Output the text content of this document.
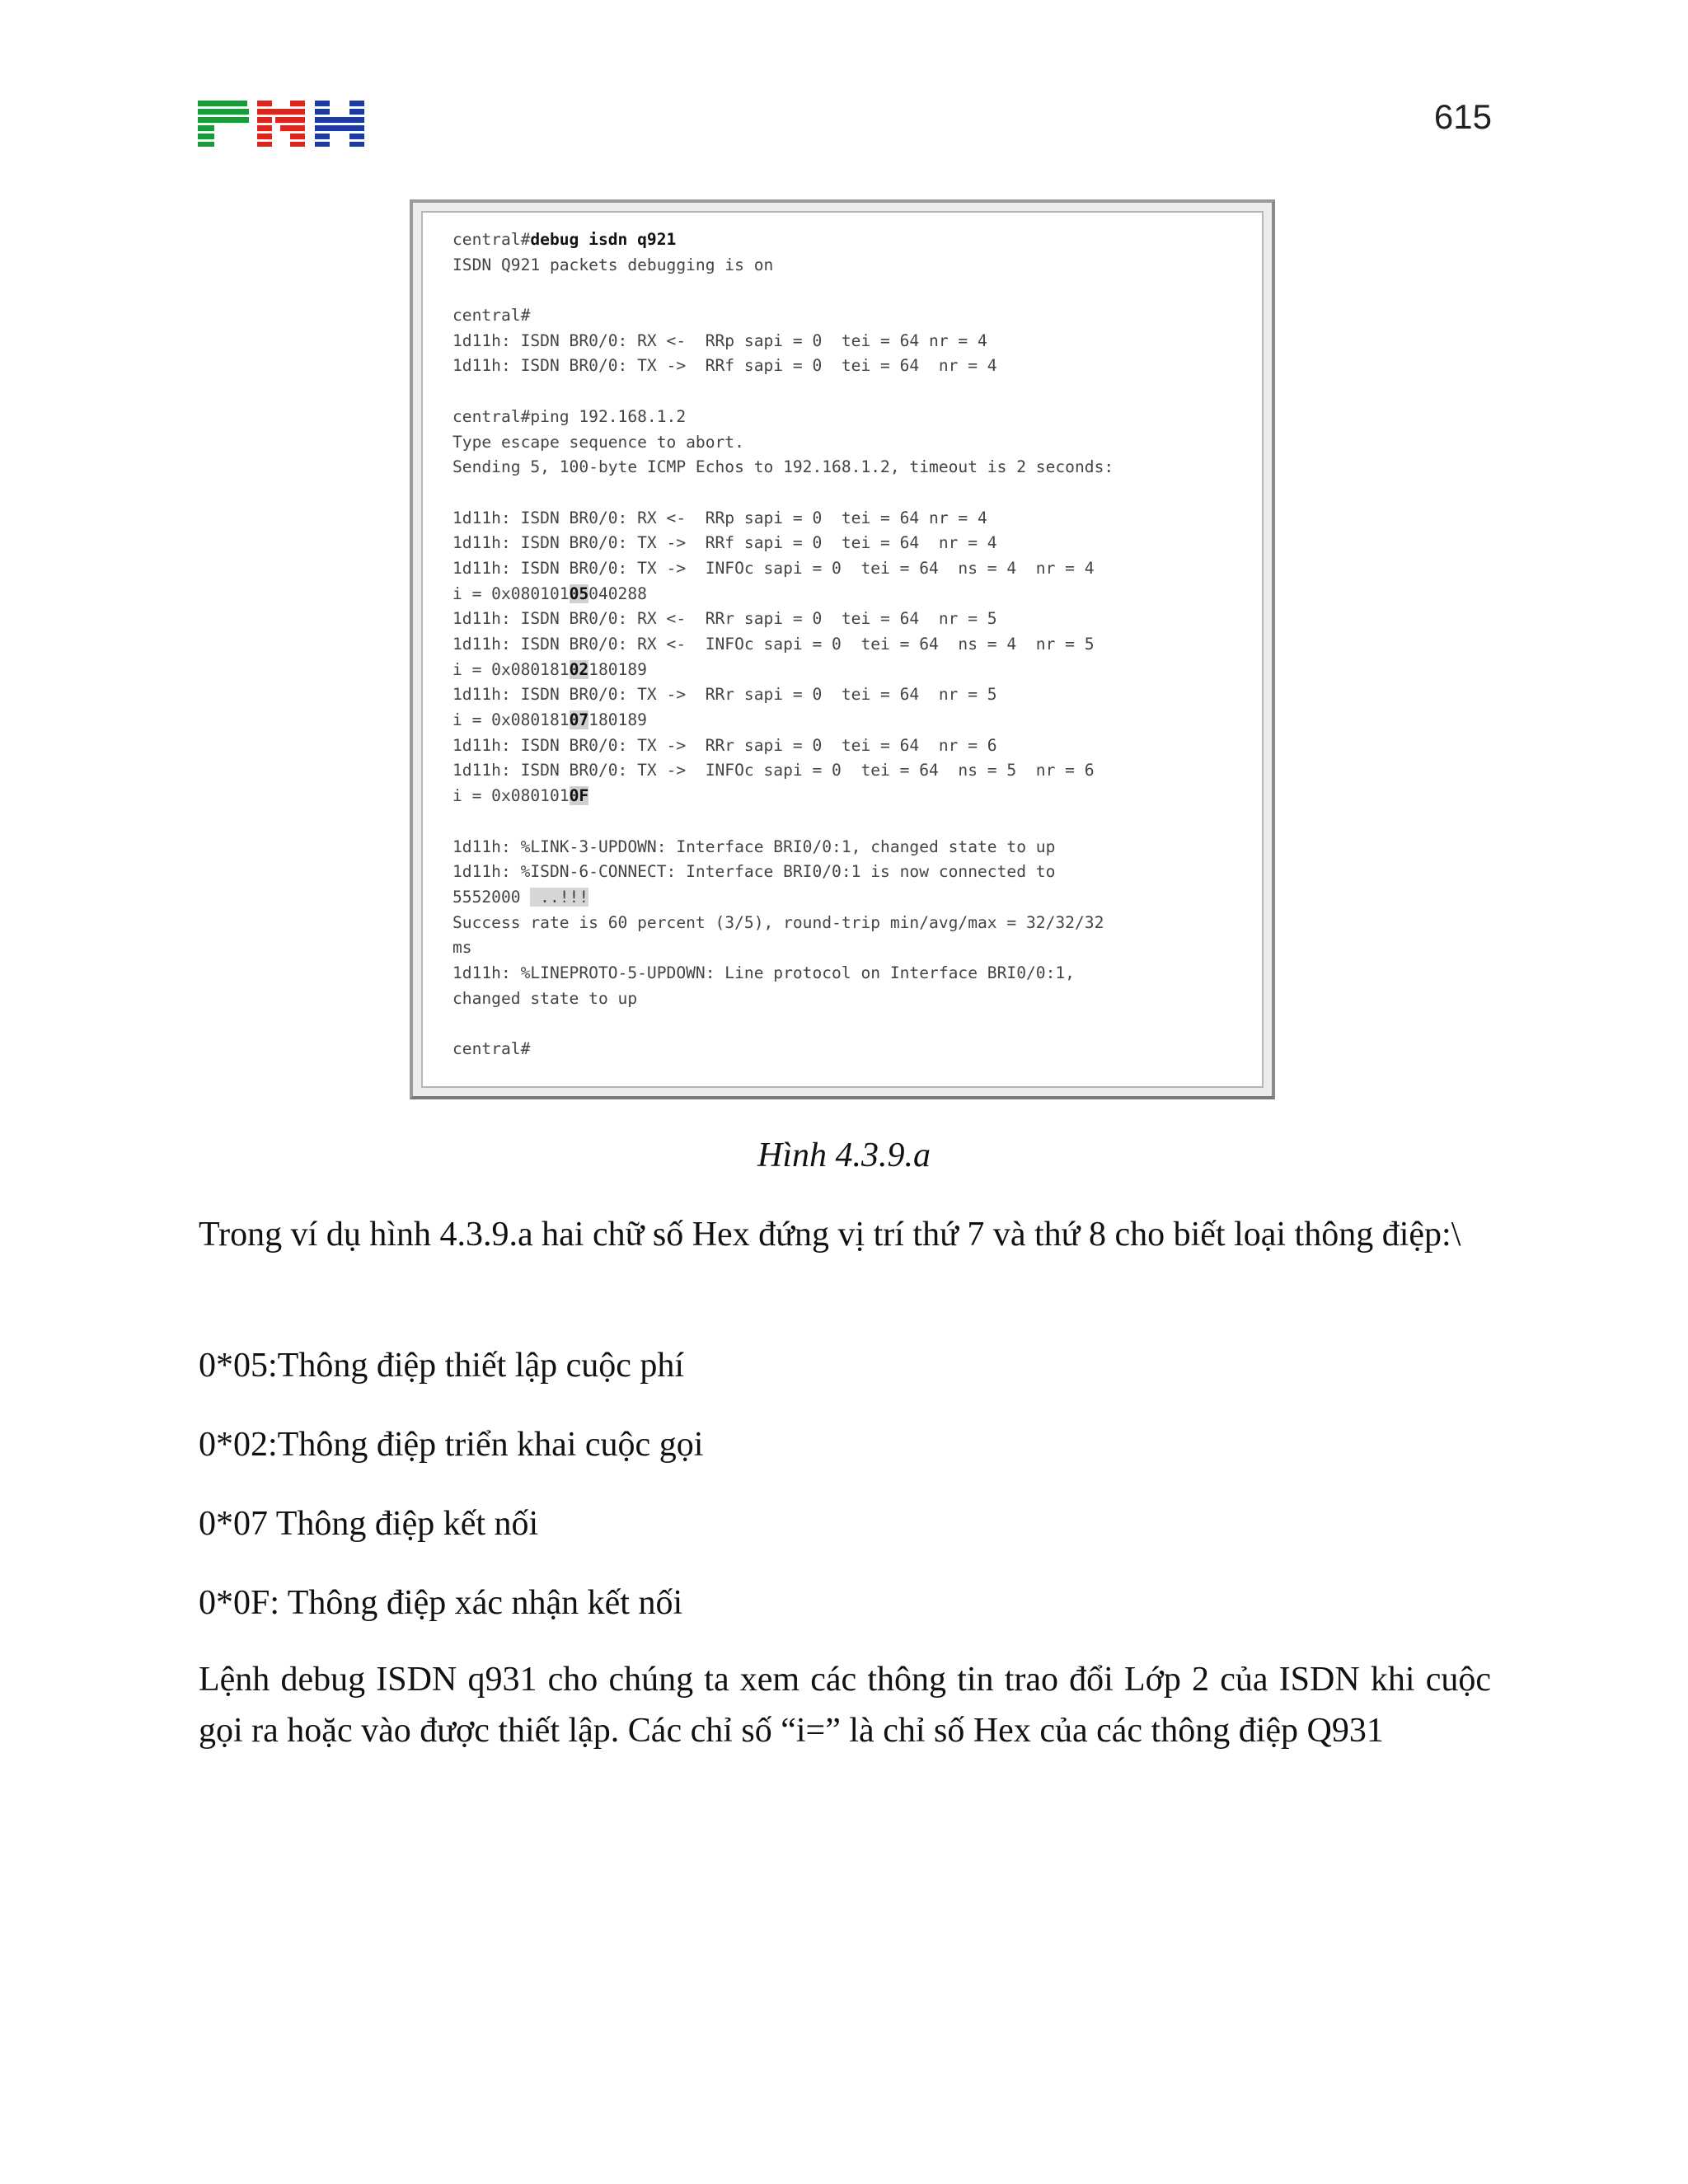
615
central#debug isdn q921
ISDN Q921 packets debugging is on

central#
1d11h: ISDN BR0/0: RX <-  RRp sapi = 0  tei = 64 nr = 4
1d11h: ISDN BR0/0: TX ->  RRf sapi = 0  tei = 64  nr = 4

central#ping 192.168.1.2
Type escape sequence to abort.
Sending 5, 100-byte ICMP Echos to 192.168.1.2, timeout is 2 seconds:

1d11h: ISDN BR0/0: RX <-  RRp sapi = 0  tei = 64 nr = 4
1d11h: ISDN BR0/0: TX ->  RRf sapi = 0  tei = 64  nr = 4
1d11h: ISDN BR0/0: TX ->  INFOc sapi = 0  tei = 64  ns = 4  nr = 4
i = 0x08010105040288
1d11h: ISDN BR0/0: RX <-  RRr sapi = 0  tei = 64  nr = 5
1d11h: ISDN BR0/0: RX <-  INFOc sapi = 0  tei = 64  ns = 4  nr = 5
i = 0x08018102180189
1d11h: ISDN BR0/0: TX ->  RRr sapi = 0  tei = 64  nr = 5
i = 0x08018107180189
1d11h: ISDN BR0/0: TX ->  RRr sapi = 0  tei = 64  nr = 6
1d11h: ISDN BR0/0: TX ->  INFOc sapi = 0  tei = 64  ns = 5  nr = 6
i = 0x0801010F

1d11h: %LINK-3-UPDOWN: Interface BRI0/0:1, changed state to up
1d11h: %ISDN-6-CONNECT: Interface BRI0/0:1 is now connected to
5552000  ..!!!
Success rate is 60 percent (3/5), round-trip min/avg/max = 32/32/32
ms
1d11h: %LINEPROTO-5-UPDOWN: Line protocol on Interface BRI0/0:1,
changed state to up

central#
Hình 4.3.9.a

Trong ví dụ hình 4.3.9.a hai chữ số Hex đứng vị trí thứ 7 và thứ 8 cho biết loại thông điệp:\

0*05:Thông điệp thiết lập cuộc phí

0*02:Thông điệp triển khai cuộc gọi

0*07 Thông điệp kết nối

0*0F: Thông điệp xác nhận kết nối

Lệnh debug ISDN q931 cho chúng ta xem các thông tin trao đổi Lớp 2 của ISDN khi cuộc gọi ra hoặc vào được thiết lập. Các chỉ số “i=” là chỉ số Hex của các thông điệp Q931
